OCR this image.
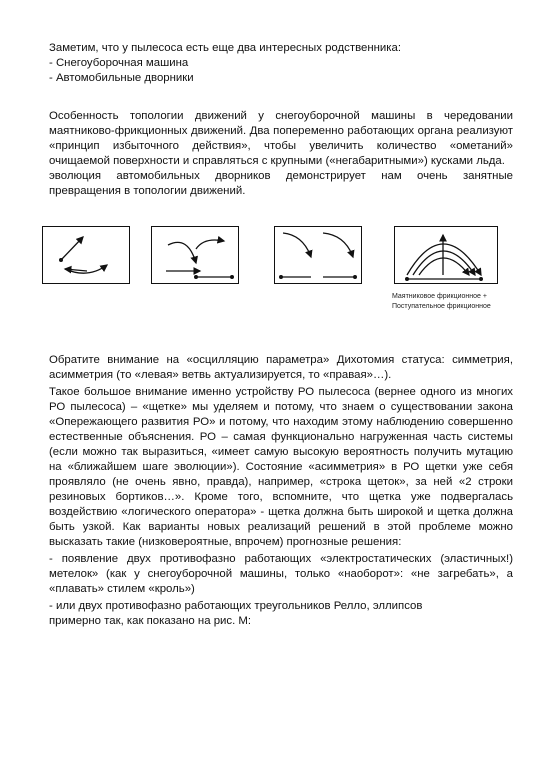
Заметим, что у пылесоса есть еще два интересных родственника:

- Снегоуборочная машина

- Автомобильные дворники

Особенность топологии движений у снегоуборочной машины в чередовании маятниково-фрикционных движений. Два попеременно работающих органа реализуют «принцип избыточного действия», чтобы увеличить количество «ометаний» очищаемой поверхности и справляться с крупными («негабаритными») кусками льда.

эволюция автомобильных дворников демонстрирует нам очень занятные превращения в топологии движений.

Маятниковое фрикционное +
Поступательное фрикционное

Обратите внимание на «осцилляцию параметра» Дихотомия статуса: симметрия, асимметрия (то «левая» ветвь актуализируется, то «правая»…).

Такое большое внимание именно устройству РО пылесоса (вернее одного из многих РО пылесоса) – «щетке» мы уделяем и потому, что знаем о существовании закона «Опережающего развития РО» и потому, что находим этому наблюдению совершенно естественные объяснения. РО – самая функционально нагруженная часть системы (если можно так выразиться, «имеет самую высокую вероятность получить мутацию на «ближайшем шаге эволюции»). Состояние «асимметрия» в РО щетки уже себя проявляло (не очень явно, правда), например, «строка щеток», за ней «2 строки резиновых бортиков…». Кроме того, вспомните, что щетка уже подвергалась воздействию «логического оператора» - щетка должна быть широкой и щетка должна быть узкой. Как варианты новых реализаций решений в этой проблеме можно высказать такие (низковероятные, впрочем) прогнозные решения:

- появление двух противофазно работающих «электростатических (эластичных!) метелок» (как у снегоуборочной машины, только «наоборот»: «не загребать», а «плавать» стилем «кроль»)

- или двух противофазно работающих треугольников Релло, эллипсов

примерно так, как показано на рис. М:
